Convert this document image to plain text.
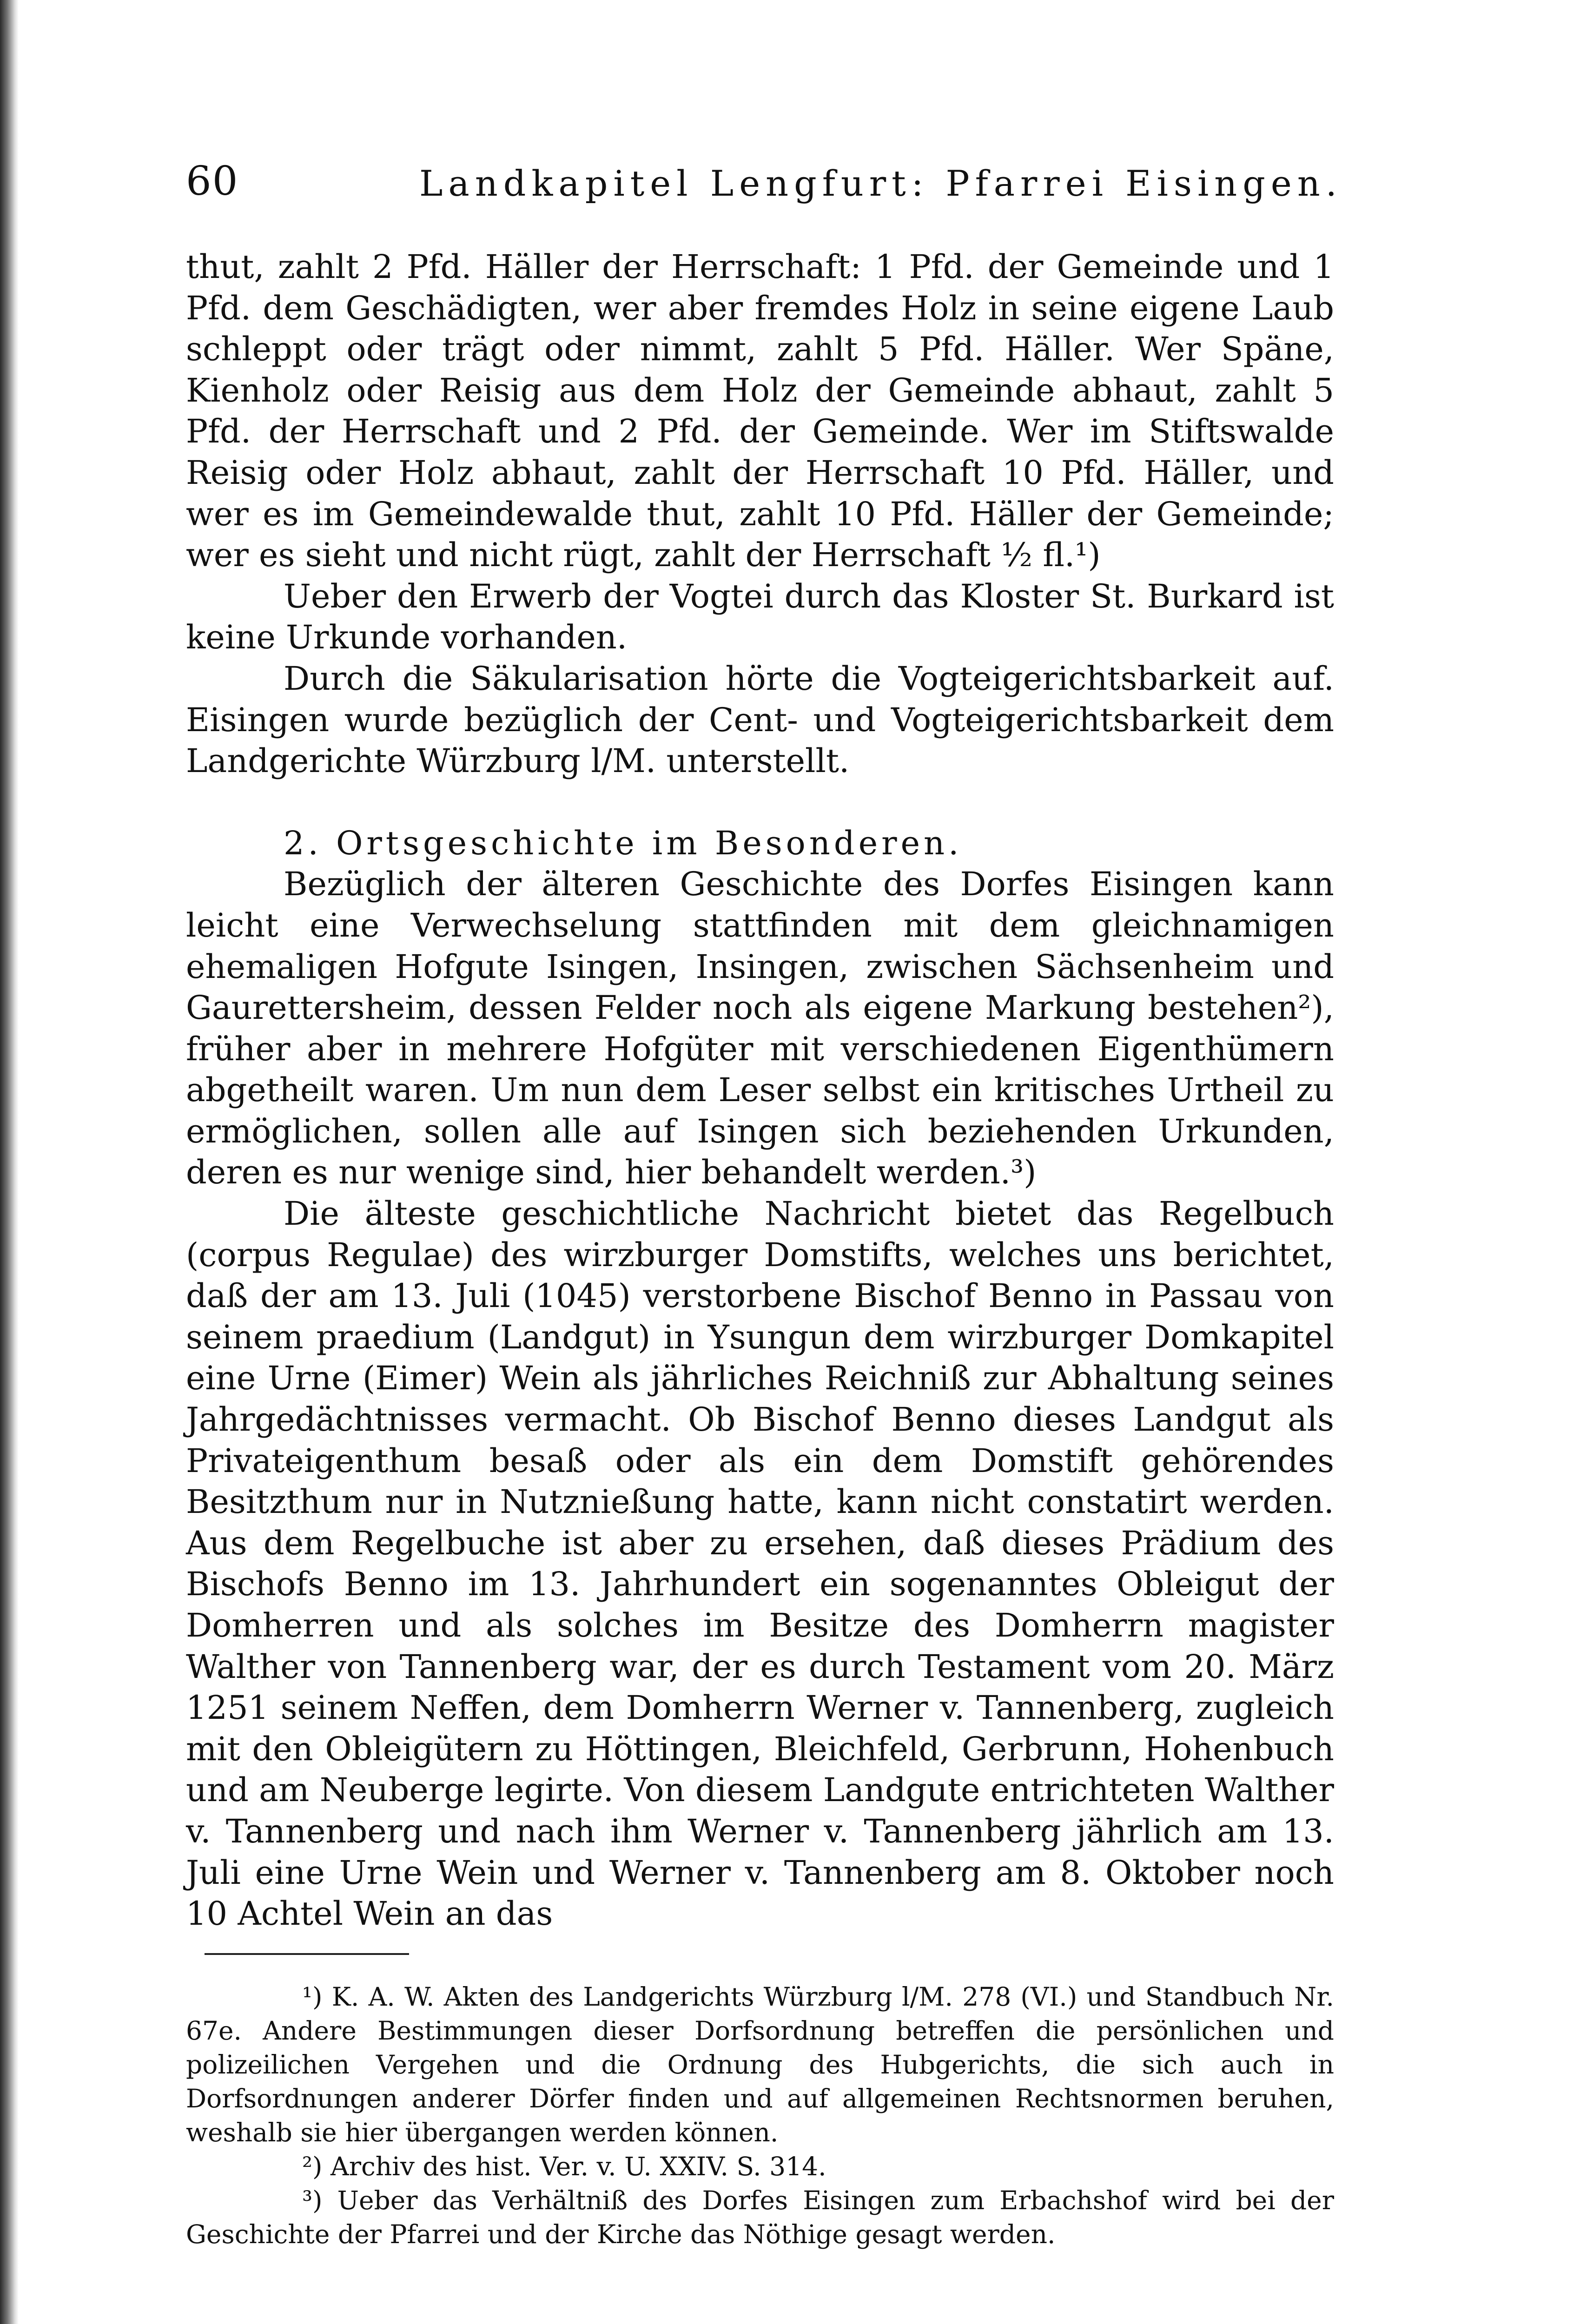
60	Landkapitel Lengfurt: Pfarrei Eisingen.

thut, zahlt 2 Pfd. Häller der Herrschaft: 1 Pfd. der Gemeinde und 1 Pfd. dem Geschädigten, wer aber fremdes Holz in seine eigene Laub schleppt oder trägt oder nimmt, zahlt 5 Pfd. Häller. Wer Späne, Kienholz oder Reisig aus dem Holz der Gemeinde abhaut, zahlt 5 Pfd. der Herrschaft und 2 Pfd. der Gemeinde. Wer im Stiftswalde Reisig oder Holz abhaut, zahlt der Herrschaft 10 Pfd. Häller, und wer es im Gemeindewalde thut, zahlt 10 Pfd. Häller der Gemeinde; wer es sieht und nicht rügt, zahlt der Herrschaft ½ fl.¹)

Ueber den Erwerb der Vogtei durch das Kloster St. Burkard ist keine Urkunde vorhanden.

Durch die Säkularisation hörte die Vogteigerichtsbarkeit auf. Eisingen wurde bezüglich der Cent- und Vogteigerichtsbarkeit dem Landgerichte Würzburg l/M. unterstellt.

2. Ortsgeschichte im Besonderen.

Bezüglich der älteren Geschichte des Dorfes Eisingen kann leicht eine Verwechselung stattfinden mit dem gleichnamigen ehemaligen Hofgute Isingen, Insingen, zwischen Sächsenheim und Gaurettersheim, dessen Felder noch als eigene Markung bestehen²), früher aber in mehrere Hofgüter mit verschiedenen Eigenthümern abgetheilt waren. Um nun dem Leser selbst ein kritisches Urtheil zu ermöglichen, sollen alle auf Isingen sich beziehenden Urkunden, deren es nur wenige sind, hier behandelt werden.³)

Die älteste geschichtliche Nachricht bietet das Regelbuch (corpus Regulae) des wirzburger Domstifts, welches uns berichtet, daß der am 13. Juli (1045) verstorbene Bischof Benno in Passau von seinem praedium (Landgut) in Ysungun dem wirzburger Domkapitel eine Urne (Eimer) Wein als jährliches Reichniß zur Abhaltung seines Jahrgedächtnisses vermacht. Ob Bischof Benno dieses Landgut als Privateigenthum besaß oder als ein dem Domstift gehörendes Besitzthum nur in Nutznießung hatte, kann nicht constatirt werden. Aus dem Regelbuche ist aber zu ersehen, daß dieses Prädium des Bischofs Benno im 13. Jahrhundert ein sogenanntes Obleigut der Domherren und als solches im Besitze des Domherrn magister Walther von Tannenberg war, der es durch Testament vom 20. März 1251 seinem Neffen, dem Domherrn Werner v. Tannenberg, zugleich mit den Obleigütern zu Höttingen, Bleichfeld, Gerbrunn, Hohenbuch und am Neuberge legirte. Von diesem Landgute entrichteten Walther v. Tannenberg und nach ihm Werner v. Tannenberg jährlich am 13. Juli eine Urne Wein und Werner v. Tannenberg am 8. Oktober noch 10 Achtel Wein an das

¹) K. A. W. Akten des Landgerichts Würzburg l/M. 278 (VI.) und Standbuch Nr. 67e. Andere Bestimmungen dieser Dorfsordnung betreffen die persönlichen und polizeilichen Vergehen und die Ordnung des Hubgerichts, die sich auch in Dorfsordnungen anderer Dörfer finden und auf allgemeinen Rechtsnormen beruhen, weshalb sie hier übergangen werden können.

²) Archiv des hist. Ver. v. U. XXIV. S. 314.

³) Ueber das Verhältniß des Dorfes Eisingen zum Erbachshof wird bei der Geschichte der Pfarrei und der Kirche das Nöthige gesagt werden.
